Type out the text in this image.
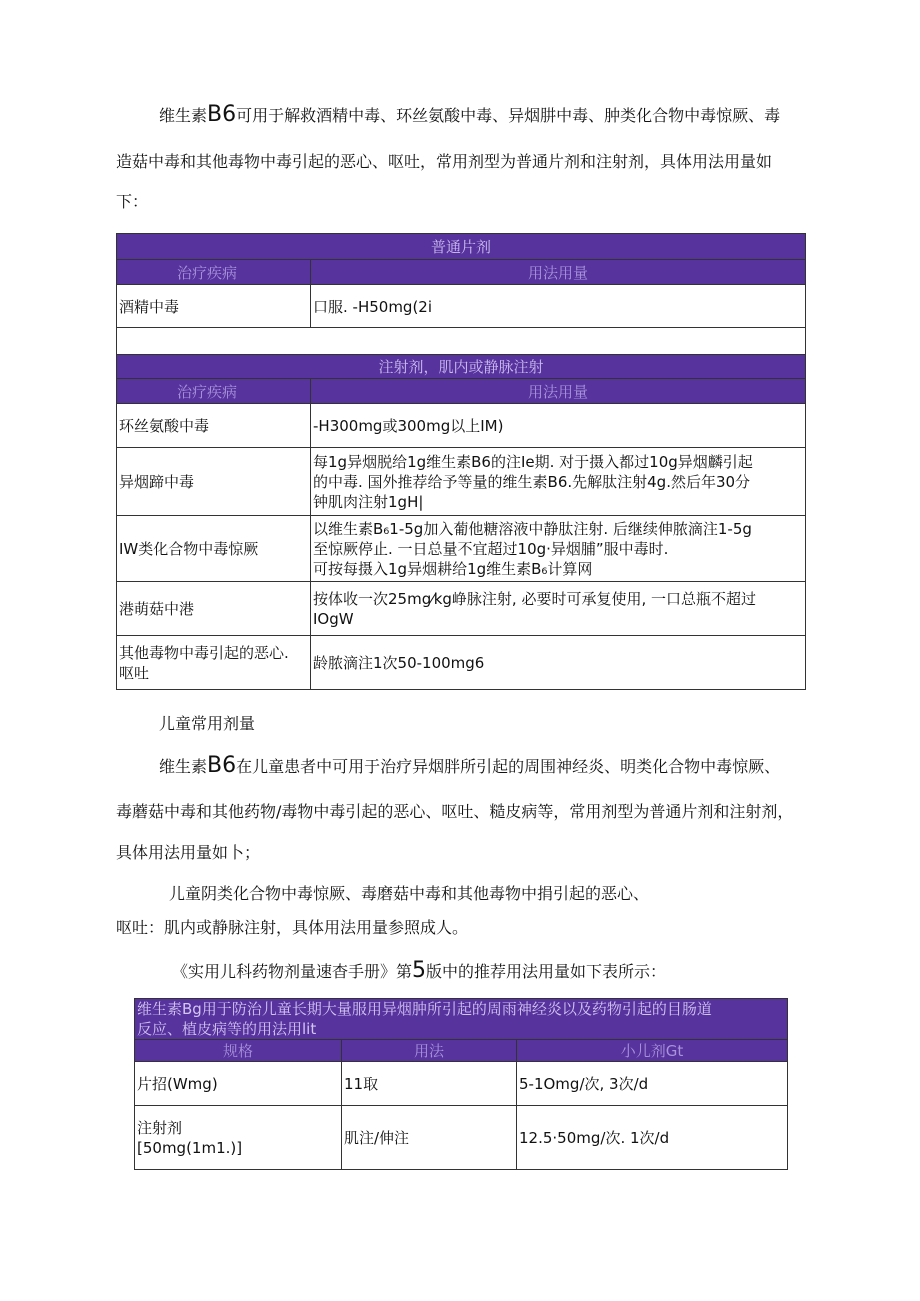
维生素B6可用于解救酒精中毒、环丝氨酸中毒、异烟肼中毒、肿类化合物中毒惊厥、毒
造菇中毒和其他毒物中毒引起的恶心、呕吐，常用剂型为普通片剂和注射剂，具体用法用量如
下：
普通片剂	
治疗疾病	用法用量
酒精中毒	口服. -H50mg(2i

注射剂，肌内或静脉注射	
治疗疾病	用法用量
环丝氨酸中毒	-H300mg或300mg以上IM)
异烟蹄中毒	每1g异烟脱给1g维生素B6的注Ie期. 对于摄入都过10g异烟麟引起
的中毒. 国外推荐给予等量的维生素B6.先解肽注射4g.然后年30分
钟肌肉注射1gH|

IW类化合物中毒惊厥	以维生素B₆1-5g加入葡他糖溶液中静肽注射. 后继续伸脓滴注1-5g
至惊厥停止. 一日总量不宜超过10g·异烟脯”服中毒时.
可按每摄入1g异烟耕给1g维生素B₆计算网

港萌菇中港	按体收一次25mg⁄kg峥脉注射, 必要时可承复使用, 一口总瓶不超过
IOgW

其他毒物中毒引起的恶心.
呕吐	龄脓滴注1次50-100mg6
儿童常用剂量
维生素B6在儿童患者中可用于治疗异烟胖所引起的周围神经炎、明类化合物中毒惊厥、
毒蘑菇中毒和其他药物/毒物中毒引起的恶心、呕吐、糙皮病等，常用剂型为普通片剂和注射剂，
具体用法用量如卜；
儿童阴类化合物中毒惊厥、毒磨菇中毒和其他毒物中捐引起的恶心、
呕吐：肌内或静脉注射，具体用法用量参照成人。
《实用儿科药物剂量速杳手册》第5版中的推荐用法用量如下表所示：
维生素Bg用于防治儿童长期大量服用异烟肿所引起的周雨神经炎以及药物引起的目肠道
反应、植皮病等的用法用lit		

规格	用法	小儿剂Gt
片招(Wmg)	11取	5-1Omg/次, 3次/d

注射剂
[50mg(1m1.)]	肌注/伸注	12.5·50mg/次. 1次/d
